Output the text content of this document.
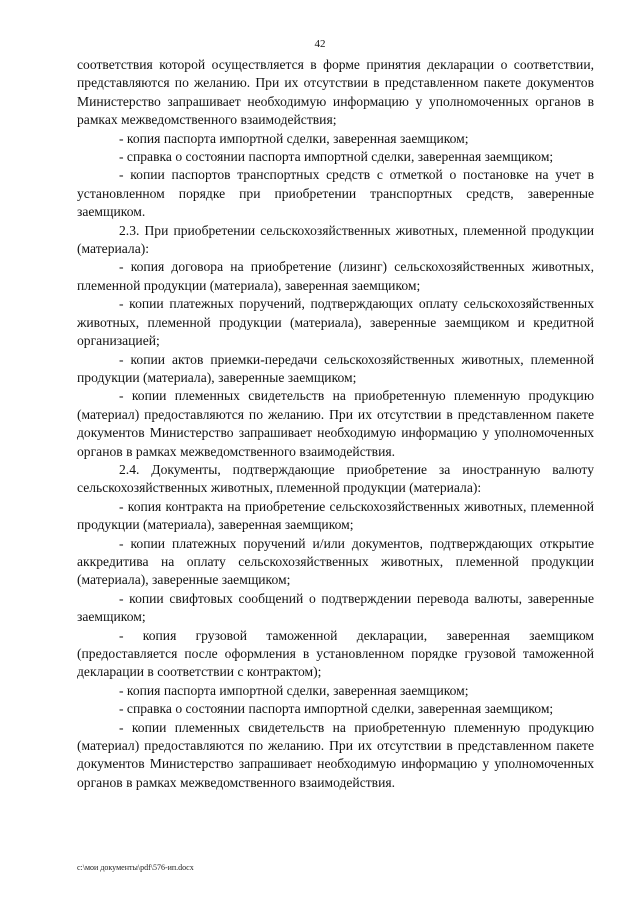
42

соответствия которой осуществляется в форме принятия декларации о соответствии, представляются по желанию. При их отсутствии в представленном пакете документов Министерство запрашивает необходимую информацию у уполномоченных органов в рамках межведомственного взаимодействия;

- копия паспорта импортной сделки, заверенная заемщиком;

- справка о состоянии паспорта импортной сделки, заверенная заемщиком;

- копии паспортов транспортных средств с отметкой о постановке на учет в установленном порядке при приобретении транспортных средств, заверенные заемщиком.

2.3. При приобретении сельскохозяйственных животных, племенной продукции (материала):

- копия договора на приобретение (лизинг) сельскохозяйственных животных, племенной продукции (материала), заверенная заемщиком;

- копии платежных поручений, подтверждающих оплату сельскохозяйственных животных, племенной продукции (материала), заверенные заемщиком и кредитной организацией;

- копии актов приемки-передачи сельскохозяйственных животных, племенной продукции (материала), заверенные заемщиком;

- копии племенных свидетельств на приобретенную племенную продукцию (материал) предоставляются по желанию. При их отсутствии в представленном пакете документов Министерство запрашивает необходимую информацию у уполномоченных органов в рамках межведомственного взаимодействия.

2.4. Документы, подтверждающие приобретение за иностранную валюту сельскохозяйственных животных, племенной продукции (материала):

- копия контракта на приобретение сельскохозяйственных животных, племенной продукции (материала), заверенная заемщиком;

- копии платежных поручений и/или документов, подтверждающих открытие аккредитива на оплату сельскохозяйственных животных, племенной продукции (материала), заверенные заемщиком;

- копии свифтовых сообщений о подтверждении перевода валюты, заверенные заемщиком;

- копия грузовой таможенной декларации, заверенная заемщиком (предоставляется после оформления в установленном порядке грузовой таможенной декларации в соответствии с контрактом);

- копия паспорта импортной сделки, заверенная заемщиком;

- справка о состоянии паспорта импортной сделки, заверенная заемщиком;

- копии племенных свидетельств на приобретенную племенную продукцию (материал) предоставляются по желанию. При их отсутствии в представленном пакете документов Министерство запрашивает необходимую информацию у уполномоченных органов в рамках межведомственного взаимодействия.

c:\мои документы\pdf\576-ип.docx
